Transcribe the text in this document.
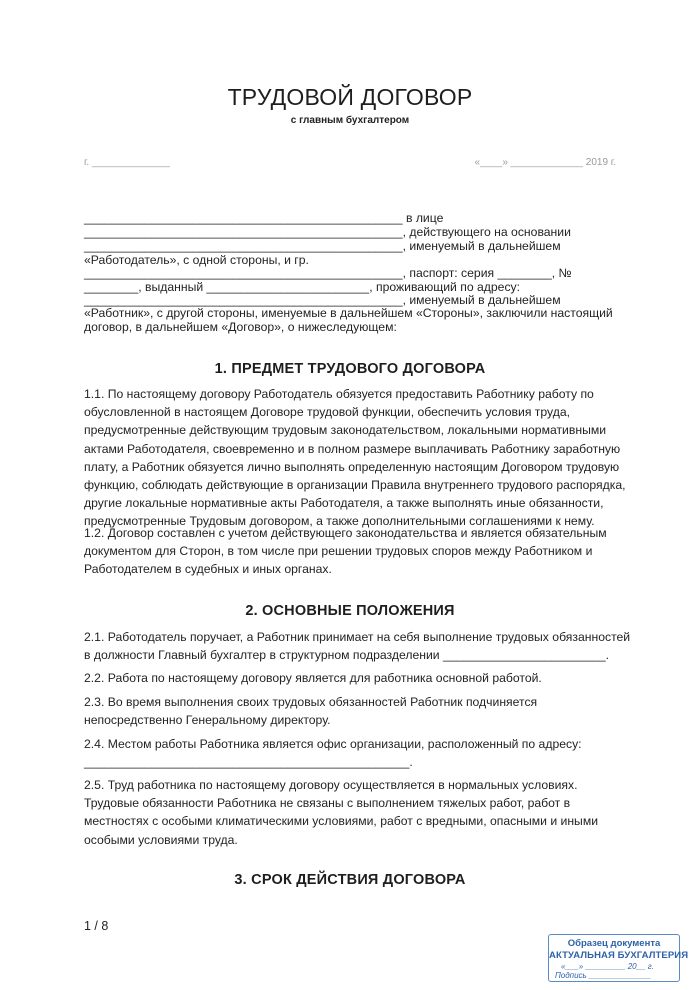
ТРУДОВОЙ ДОГОВОР
с главным бухгалтером
г. ______________	«____» _____________ 2019 г.
_______________________________________________ в лице
_______________________________________________, действующего на основании
_______________________________________________, именуемый в дальнейшем
«Работодатель», с одной стороны, и гр.
_______________________________________________, паспорт: серия ________, №
________, выданный ________________________, проживающий по адресу:
_______________________________________________, именуемый в дальнейшем
«Работник», с другой стороны, именуемые в дальнейшем «Стороны», заключили настоящий
договор, в дальнейшем «Договор», о нижеследующем:
1. ПРЕДМЕТ ТРУДОВОГО ДОГОВОРА
1.1. По настоящему договору Работодатель обязуется предоставить Работнику работу по
обусловленной в настоящем Договоре трудовой функции, обеспечить условия труда,
предусмотренные действующим трудовым законодательством, локальными нормативными
актами Работодателя, своевременно и в полном размере выплачивать Работнику заработную
плату, а Работник обязуется лично выполнять определенную настоящим Договором трудовую
функцию, соблюдать действующие в организации Правила внутреннего трудового распорядка,
другие локальные нормативные акты Работодателя, а также выполнять иные обязанности,
предусмотренные Трудовым договором, а также дополнительными соглашениями к нему.
1.2. Договор составлен с учетом действующего законодательства и является обязательным
документом для Сторон, в том числе при решении трудовых споров между Работником и
Работодателем в судебных и иных органах.
2. ОСНОВНЫЕ ПОЛОЖЕНИЯ
2.1. Работодатель поручает, а Работник принимает на себя выполнение трудовых обязанностей
в должности Главный бухгалтер в структурном подразделении ________________________.
2.2. Работа по настоящему договору является для работника основной работой.
2.3. Во время выполнения своих трудовых обязанностей Работник подчиняется
непосредственно Генеральному директору.
2.4. Местом работы Работника является офис организации, расположенный по адресу:
________________________________________________.
2.5. Труд работника по настоящему договору осуществляется в нормальных условиях.
Трудовые обязанности Работника не связаны с выполнением тяжелых работ, работ в
местностях с особыми климатическими условиями, работ с вредными, опасными и иными
особыми условиями труда.
3. СРОК ДЕЙСТВИЯ ДОГОВОРА
1 / 8
Образец документа
АКТУАЛЬНАЯ БУХГАЛТЕРИЯ
«___» _________ 20__ г.
Подпись ______________
